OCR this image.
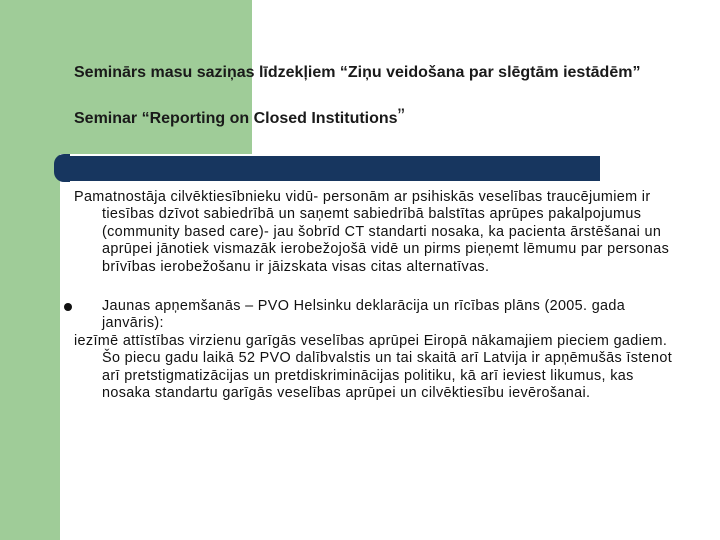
Seminārs masu saziņas līdzekļiem “Ziņu veidošana par slēgtām iestādēm”

Seminar “Reporting on Closed Institutions”

Pamatnostāja cilvēktiesībnieku vidū- personām ar psihiskās veselības traucējumiem ir tiesības dzīvot sabiedrībā un saņemt sabiedrībā balstītas aprūpes pakalpojumus (community based care)- jau šobrīd CT standarti nosaka, ka pacienta ārstēšanai un aprūpei jānotiek vismazāk ierobežojošā vidē un pirms pieņemt lēmumu par personas brīvības ierobežošanu ir jāizskata visas citas alternatīvas.

Jaunas apņemšanās – PVO Helsinku deklarācija un rīcības plāns (2005. gada janvāris):

iezīmē attīstības virzienu garīgās veselības aprūpei Eiropā nākamajiem pieciem gadiem. Šo piecu gadu laikā 52 PVO dalībvalstis un tai skaitā arī Latvija ir apņēmušās īstenot arī pretstigmatizācijas un pretdiskriminācijas politiku, kā arī ieviest likumus, kas nosaka standartu garīgās veselības aprūpei un cilvēktiesību ievērošanai.
